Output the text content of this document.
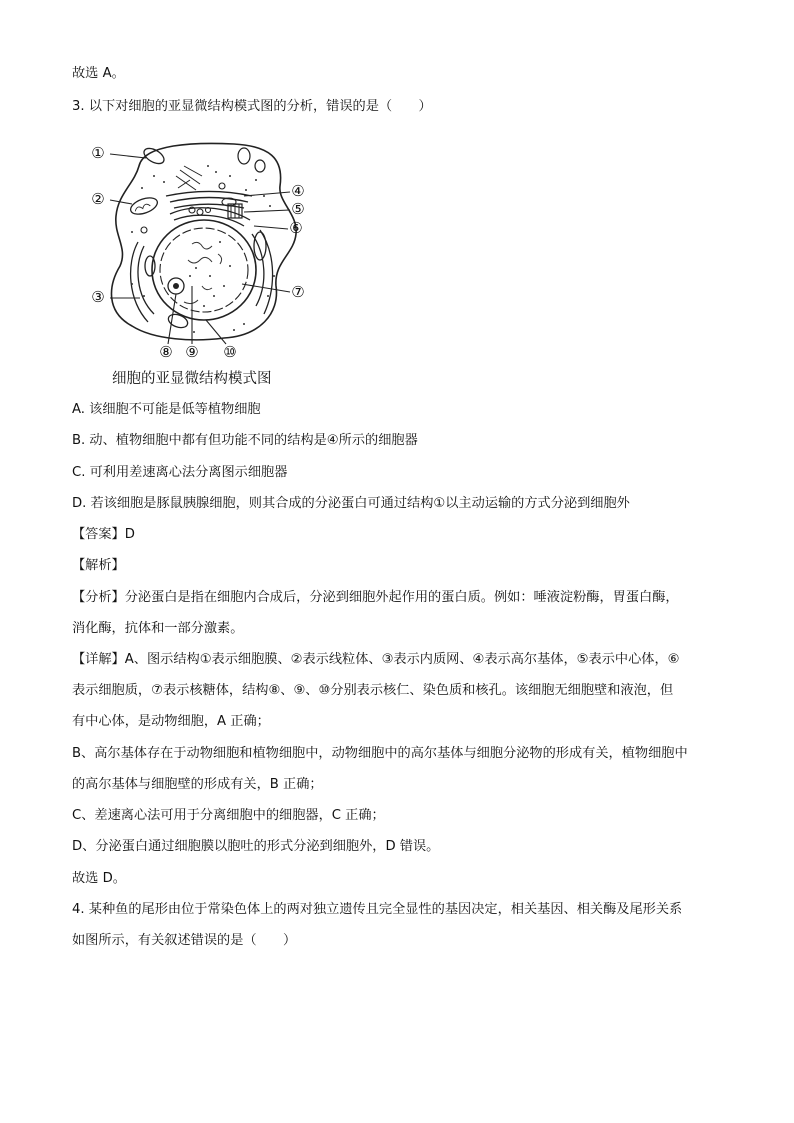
故选 A。
3. 以下对细胞的亚显微结构模式图的分析，错误的是（　　）
①
②
③
④
⑤
⑥
⑦
⑧ ⑨ ⑩
细胞的亚显微结构模式图
A. 该细胞不可能是低等植物细胞
B. 动、植物细胞中都有但功能不同的结构是④所示的细胞器
C. 可利用差速离心法分离图示细胞器
D. 若该细胞是豚鼠胰腺细胞，则其合成的分泌蛋白可通过结构①以主动运输的方式分泌到细胞外
【答案】D
【解析】
【分析】分泌蛋白是指在细胞内合成后，分泌到细胞外起作用的蛋白质。例如：唾液淀粉酶，胃蛋白酶，
消化酶，抗体和一部分激素。
【详解】A、图示结构①表示细胞膜、②表示线粒体、③表示内质网、④表示高尔基体，⑤表示中心体，⑥
表示细胞质，⑦表示核糖体，结构⑧、⑨、⑩分别表示核仁、染色质和核孔。该细胞无细胞壁和液泡，但
有中心体，是动物细胞，A 正确；
B、高尔基体存在于动物细胞和植物细胞中，动物细胞中的高尔基体与细胞分泌物的形成有关，植物细胞中
的高尔基体与细胞壁的形成有关，B 正确；
C、差速离心法可用于分离细胞中的细胞器，C 正确；
D、分泌蛋白通过细胞膜以胞吐的形式分泌到细胞外，D 错误。
故选 D。
4. 某种鱼的尾形由位于常染色体上的两对独立遗传且完全显性的基因决定，相关基因、相关酶及尾形关系
如图所示，有关叙述错误的是（　　）
